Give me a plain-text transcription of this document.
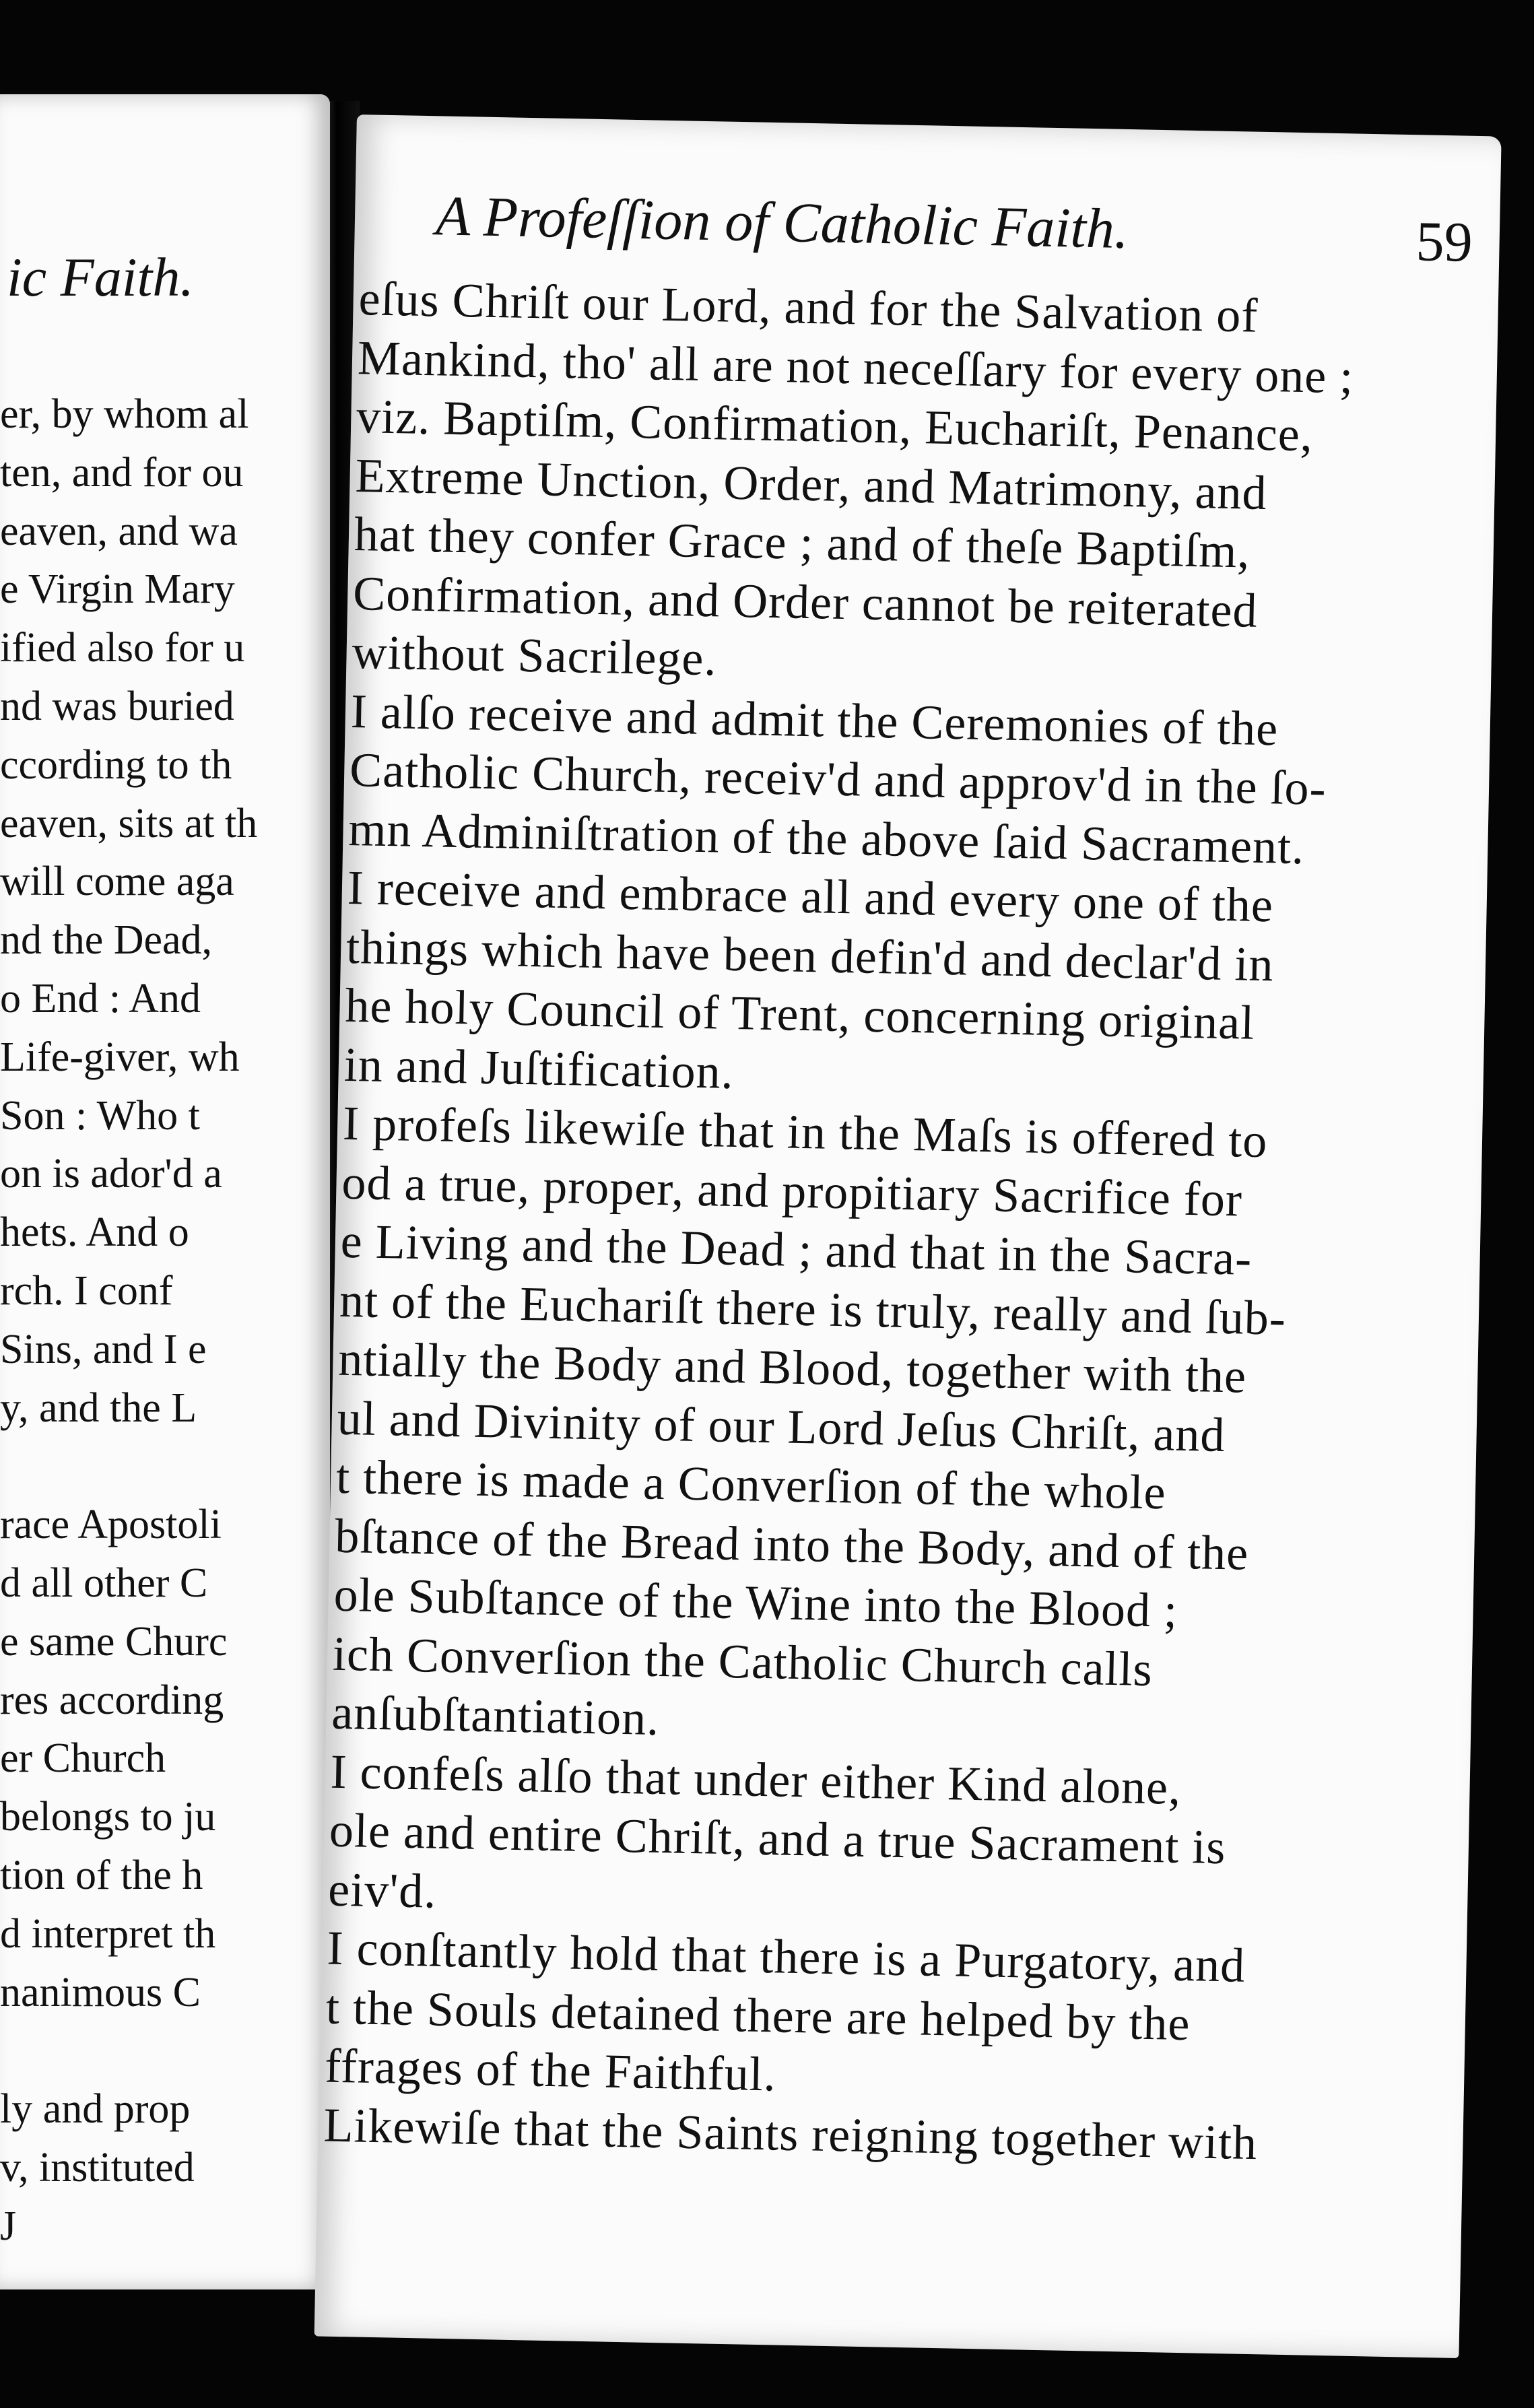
ic Faith.
er, by whom al
ten, and for ou
eaven, and wa
e Virgin Mary
ified also for u
nd was buried
ccording to th
eaven, sits at th
will come aga
nd the Dead,
o End : And
Life-giver, wh
Son : Who t
on is ador'd a
hets. And o
rch. I conf
Sins, and I e
y, and the L
race Apostoli
d all other C
e same Churc
res according
er Church
belongs to ju
tion of the h
d interpret th
nanimous C
ly and prop
v, instituted
J
A Profeſſion of Catholic Faith.	59
eſus Chriſt our Lord, and for the Salvation of
Mankind, tho' all are not neceſſary for every one ;
viz. Baptiſm, Confirmation, Euchariſt, Penance,
Extreme Unction, Order, and Matrimony, and
hat they confer Grace ; and of theſe Baptiſm,
Confirmation, and Order cannot be reiterated
without Sacrilege.
I alſo receive and admit the Ceremonies of the
Catholic Church, receiv'd and approv'd in the ſo-
mn Adminiſtration of the above ſaid Sacrament.
I receive and embrace all and every one of the
things which have been defin'd and declar'd in
he holy Council of Trent, concerning original
in and Juſtification.
I profeſs likewiſe that in the Maſs is offered to
od a true, proper, and propitiary Sacrifice for
e Living and the Dead ; and that in the Sacra-
nt of the Euchariſt there is truly, really and ſub-
ntially the Body and Blood, together with the
ul and Divinity of our Lord Jeſus Chriſt, and
t there is made a Converſion of the whole
bſtance of the Bread into the Body, and of the
ole Subſtance of the Wine into the Blood ;
ich Converſion the Catholic Church calls
anſubſtantiation.
I confeſs alſo that under either Kind alone,
ole and entire Chriſt, and a true Sacrament is
eiv'd.
I conſtantly hold that there is a Purgatory, and
t the Souls detained there are helped by the
ffrages of the Faithful.
Likewiſe that the Saints reigning together with
